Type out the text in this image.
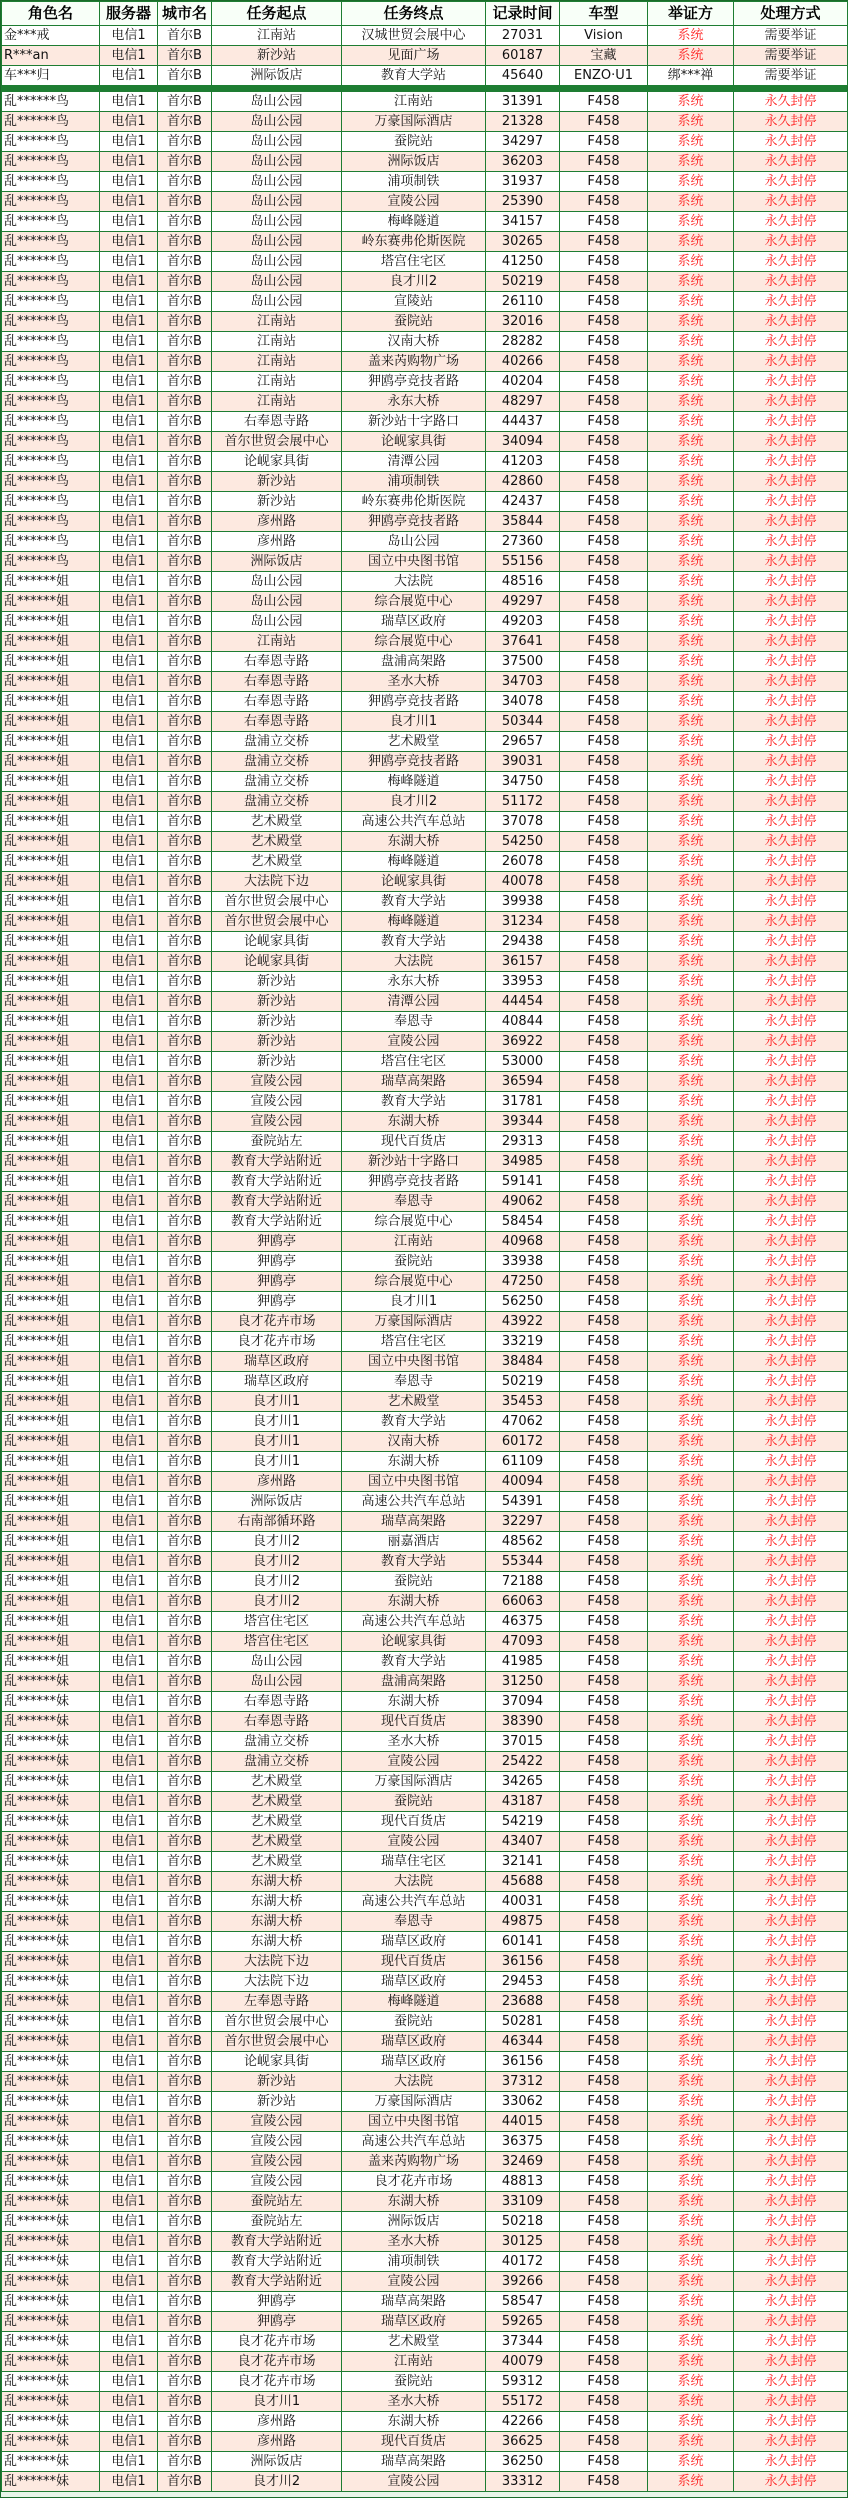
角色名	服务器	城市名	任务起点	任务终点	记录时间	车型	举证方	处理方式
金***戒	电信1	首尔B	江南站	汉城世贸会展中心	27031	Vision	系统	需要举证
R***an	电信1	首尔B	新沙站	见面广场	60187	宝藏	系统	需要举证
车***归	电信1	首尔B	洲际饭店	教育大学站	45640	ENZO·U1	绑***禅	需要举证
乱******鸟	电信1	首尔B	岛山公园	江南站	31391	F458	系统	永久封停
乱******鸟	电信1	首尔B	岛山公园	万豪国际酒店	21328	F458	系统	永久封停
乱******鸟	电信1	首尔B	岛山公园	蚕院站	34297	F458	系统	永久封停
乱******鸟	电信1	首尔B	岛山公园	洲际饭店	36203	F458	系统	永久封停
乱******鸟	电信1	首尔B	岛山公园	浦项制铁	31937	F458	系统	永久封停
乱******鸟	电信1	首尔B	岛山公园	宣陵公园	25390	F458	系统	永久封停
乱******鸟	电信1	首尔B	岛山公园	梅峰隧道	34157	F458	系统	永久封停
乱******鸟	电信1	首尔B	岛山公园	岭东赛弗伦斯医院	30265	F458	系统	永久封停
乱******鸟	电信1	首尔B	岛山公园	塔宫住宅区	41250	F458	系统	永久封停
乱******鸟	电信1	首尔B	岛山公园	良才川2	50219	F458	系统	永久封停
乱******鸟	电信1	首尔B	岛山公园	宣陵站	26110	F458	系统	永久封停
乱******鸟	电信1	首尔B	江南站	蚕院站	32016	F458	系统	永久封停
乱******鸟	电信1	首尔B	江南站	汉南大桥	28282	F458	系统	永久封停
乱******鸟	电信1	首尔B	江南站	盖来芮购物广场	40266	F458	系统	永久封停
乱******鸟	电信1	首尔B	江南站	狎鸥亭竞技者路	40204	F458	系统	永久封停
乱******鸟	电信1	首尔B	江南站	永东大桥	48297	F458	系统	永久封停
乱******鸟	电信1	首尔B	右奉恩寺路	新沙站十字路口	44437	F458	系统	永久封停
乱******鸟	电信1	首尔B	首尔世贸会展中心	论岘家具街	34094	F458	系统	永久封停
乱******鸟	电信1	首尔B	论岘家具街	清潭公园	41203	F458	系统	永久封停
乱******鸟	电信1	首尔B	新沙站	浦项制铁	42860	F458	系统	永久封停
乱******鸟	电信1	首尔B	新沙站	岭东赛弗伦斯医院	42437	F458	系统	永久封停
乱******鸟	电信1	首尔B	彦州路	狎鸥亭竞技者路	35844	F458	系统	永久封停
乱******鸟	电信1	首尔B	彦州路	岛山公园	27360	F458	系统	永久封停
乱******鸟	电信1	首尔B	洲际饭店	国立中央图书馆	55156	F458	系统	永久封停
乱******姐	电信1	首尔B	岛山公园	大法院	48516	F458	系统	永久封停
乱******姐	电信1	首尔B	岛山公园	综合展览中心	49297	F458	系统	永久封停
乱******姐	电信1	首尔B	岛山公园	瑞草区政府	49203	F458	系统	永久封停
乱******姐	电信1	首尔B	江南站	综合展览中心	37641	F458	系统	永久封停
乱******姐	电信1	首尔B	右奉恩寺路	盘浦高架路	37500	F458	系统	永久封停
乱******姐	电信1	首尔B	右奉恩寺路	圣水大桥	34703	F458	系统	永久封停
乱******姐	电信1	首尔B	右奉恩寺路	狎鸥亭竞技者路	34078	F458	系统	永久封停
乱******姐	电信1	首尔B	右奉恩寺路	良才川1	50344	F458	系统	永久封停
乱******姐	电信1	首尔B	盘浦立交桥	艺术殿堂	29657	F458	系统	永久封停
乱******姐	电信1	首尔B	盘浦立交桥	狎鸥亭竞技者路	39031	F458	系统	永久封停
乱******姐	电信1	首尔B	盘浦立交桥	梅峰隧道	34750	F458	系统	永久封停
乱******姐	电信1	首尔B	盘浦立交桥	良才川2	51172	F458	系统	永久封停
乱******姐	电信1	首尔B	艺术殿堂	高速公共汽车总站	37078	F458	系统	永久封停
乱******姐	电信1	首尔B	艺术殿堂	东湖大桥	54250	F458	系统	永久封停
乱******姐	电信1	首尔B	艺术殿堂	梅峰隧道	26078	F458	系统	永久封停
乱******姐	电信1	首尔B	大法院下边	论岘家具街	40078	F458	系统	永久封停
乱******姐	电信1	首尔B	首尔世贸会展中心	教育大学站	39938	F458	系统	永久封停
乱******姐	电信1	首尔B	首尔世贸会展中心	梅峰隧道	31234	F458	系统	永久封停
乱******姐	电信1	首尔B	论岘家具街	教育大学站	29438	F458	系统	永久封停
乱******姐	电信1	首尔B	论岘家具街	大法院	36157	F458	系统	永久封停
乱******姐	电信1	首尔B	新沙站	永东大桥	33953	F458	系统	永久封停
乱******姐	电信1	首尔B	新沙站	清潭公园	44454	F458	系统	永久封停
乱******姐	电信1	首尔B	新沙站	奉恩寺	40844	F458	系统	永久封停
乱******姐	电信1	首尔B	新沙站	宣陵公园	36922	F458	系统	永久封停
乱******姐	电信1	首尔B	新沙站	塔宫住宅区	53000	F458	系统	永久封停
乱******姐	电信1	首尔B	宣陵公园	瑞草高架路	36594	F458	系统	永久封停
乱******姐	电信1	首尔B	宣陵公园	教育大学站	31781	F458	系统	永久封停
乱******姐	电信1	首尔B	宣陵公园	东湖大桥	39344	F458	系统	永久封停
乱******姐	电信1	首尔B	蚕院站左	现代百货店	29313	F458	系统	永久封停
乱******姐	电信1	首尔B	教育大学站附近	新沙站十字路口	34985	F458	系统	永久封停
乱******姐	电信1	首尔B	教育大学站附近	狎鸥亭竞技者路	59141	F458	系统	永久封停
乱******姐	电信1	首尔B	教育大学站附近	奉恩寺	49062	F458	系统	永久封停
乱******姐	电信1	首尔B	教育大学站附近	综合展览中心	58454	F458	系统	永久封停
乱******姐	电信1	首尔B	狎鸥亭	江南站	40968	F458	系统	永久封停
乱******姐	电信1	首尔B	狎鸥亭	蚕院站	33938	F458	系统	永久封停
乱******姐	电信1	首尔B	狎鸥亭	综合展览中心	47250	F458	系统	永久封停
乱******姐	电信1	首尔B	狎鸥亭	良才川1	56250	F458	系统	永久封停
乱******姐	电信1	首尔B	良才花卉市场	万豪国际酒店	43922	F458	系统	永久封停
乱******姐	电信1	首尔B	良才花卉市场	塔宫住宅区	33219	F458	系统	永久封停
乱******姐	电信1	首尔B	瑞草区政府	国立中央图书馆	38484	F458	系统	永久封停
乱******姐	电信1	首尔B	瑞草区政府	奉恩寺	50219	F458	系统	永久封停
乱******姐	电信1	首尔B	良才川1	艺术殿堂	35453	F458	系统	永久封停
乱******姐	电信1	首尔B	良才川1	教育大学站	47062	F458	系统	永久封停
乱******姐	电信1	首尔B	良才川1	汉南大桥	60172	F458	系统	永久封停
乱******姐	电信1	首尔B	良才川1	东湖大桥	61109	F458	系统	永久封停
乱******姐	电信1	首尔B	彦州路	国立中央图书馆	40094	F458	系统	永久封停
乱******姐	电信1	首尔B	洲际饭店	高速公共汽车总站	54391	F458	系统	永久封停
乱******姐	电信1	首尔B	右南部循环路	瑞草高架路	32297	F458	系统	永久封停
乱******姐	电信1	首尔B	良才川2	丽嘉酒店	48562	F458	系统	永久封停
乱******姐	电信1	首尔B	良才川2	教育大学站	55344	F458	系统	永久封停
乱******姐	电信1	首尔B	良才川2	蚕院站	72188	F458	系统	永久封停
乱******姐	电信1	首尔B	良才川2	东湖大桥	66063	F458	系统	永久封停
乱******姐	电信1	首尔B	塔宫住宅区	高速公共汽车总站	46375	F458	系统	永久封停
乱******姐	电信1	首尔B	塔宫住宅区	论岘家具街	47093	F458	系统	永久封停
乱******姐	电信1	首尔B	岛山公园	教育大学站	41985	F458	系统	永久封停
乱******妹	电信1	首尔B	岛山公园	盘浦高架路	31250	F458	系统	永久封停
乱******妹	电信1	首尔B	右奉恩寺路	东湖大桥	37094	F458	系统	永久封停
乱******妹	电信1	首尔B	右奉恩寺路	现代百货店	38390	F458	系统	永久封停
乱******妹	电信1	首尔B	盘浦立交桥	圣水大桥	37015	F458	系统	永久封停
乱******妹	电信1	首尔B	盘浦立交桥	宣陵公园	25422	F458	系统	永久封停
乱******妹	电信1	首尔B	艺术殿堂	万豪国际酒店	34265	F458	系统	永久封停
乱******妹	电信1	首尔B	艺术殿堂	蚕院站	43187	F458	系统	永久封停
乱******妹	电信1	首尔B	艺术殿堂	现代百货店	54219	F458	系统	永久封停
乱******妹	电信1	首尔B	艺术殿堂	宣陵公园	43407	F458	系统	永久封停
乱******妹	电信1	首尔B	艺术殿堂	瑞草住宅区	32141	F458	系统	永久封停
乱******妹	电信1	首尔B	东湖大桥	大法院	45688	F458	系统	永久封停
乱******妹	电信1	首尔B	东湖大桥	高速公共汽车总站	40031	F458	系统	永久封停
乱******妹	电信1	首尔B	东湖大桥	奉恩寺	49875	F458	系统	永久封停
乱******妹	电信1	首尔B	东湖大桥	瑞草区政府	60141	F458	系统	永久封停
乱******妹	电信1	首尔B	大法院下边	现代百货店	36156	F458	系统	永久封停
乱******妹	电信1	首尔B	大法院下边	瑞草区政府	29453	F458	系统	永久封停
乱******妹	电信1	首尔B	左奉恩寺路	梅峰隧道	23688	F458	系统	永久封停
乱******妹	电信1	首尔B	首尔世贸会展中心	蚕院站	50281	F458	系统	永久封停
乱******妹	电信1	首尔B	首尔世贸会展中心	瑞草区政府	46344	F458	系统	永久封停
乱******妹	电信1	首尔B	论岘家具街	瑞草区政府	36156	F458	系统	永久封停
乱******妹	电信1	首尔B	新沙站	大法院	37312	F458	系统	永久封停
乱******妹	电信1	首尔B	新沙站	万豪国际酒店	33062	F458	系统	永久封停
乱******妹	电信1	首尔B	宣陵公园	国立中央图书馆	44015	F458	系统	永久封停
乱******妹	电信1	首尔B	宣陵公园	高速公共汽车总站	36375	F458	系统	永久封停
乱******妹	电信1	首尔B	宣陵公园	盖来芮购物广场	32469	F458	系统	永久封停
乱******妹	电信1	首尔B	宣陵公园	良才花卉市场	48813	F458	系统	永久封停
乱******妹	电信1	首尔B	蚕院站左	东湖大桥	33109	F458	系统	永久封停
乱******妹	电信1	首尔B	蚕院站左	洲际饭店	50218	F458	系统	永久封停
乱******妹	电信1	首尔B	教育大学站附近	圣水大桥	30125	F458	系统	永久封停
乱******妹	电信1	首尔B	教育大学站附近	浦项制铁	40172	F458	系统	永久封停
乱******妹	电信1	首尔B	教育大学站附近	宣陵公园	39266	F458	系统	永久封停
乱******妹	电信1	首尔B	狎鸥亭	瑞草高架路	58547	F458	系统	永久封停
乱******妹	电信1	首尔B	狎鸥亭	瑞草区政府	59265	F458	系统	永久封停
乱******妹	电信1	首尔B	良才花卉市场	艺术殿堂	37344	F458	系统	永久封停
乱******妹	电信1	首尔B	良才花卉市场	江南站	40079	F458	系统	永久封停
乱******妹	电信1	首尔B	良才花卉市场	蚕院站	59312	F458	系统	永久封停
乱******妹	电信1	首尔B	良才川1	圣水大桥	55172	F458	系统	永久封停
乱******妹	电信1	首尔B	彦州路	东湖大桥	42266	F458	系统	永久封停
乱******妹	电信1	首尔B	彦州路	现代百货店	36625	F458	系统	永久封停
乱******妹	电信1	首尔B	洲际饭店	瑞草高架路	36250	F458	系统	永久封停
乱******妹	电信1	首尔B	良才川2	宣陵公园	33312	F458	系统	永久封停
